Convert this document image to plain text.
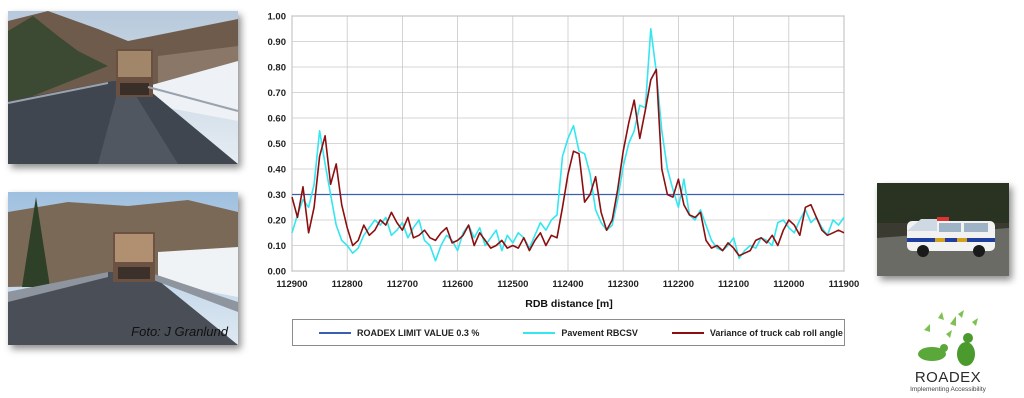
Foto: J Granlund
0.00
0.10
0.20
0.30
0.40
0.50
0.60
0.70
0.80
0.90
1.00
112900	112800	112700	112600	112500	112400	112300	112200	112100	112000	111900
RDB distance [m]
ROADEX LIMIT VALUE 0.3 %	Pavement RBCSV	Variance of truck cab roll angle
ROADEX
Implementing Accessibility
